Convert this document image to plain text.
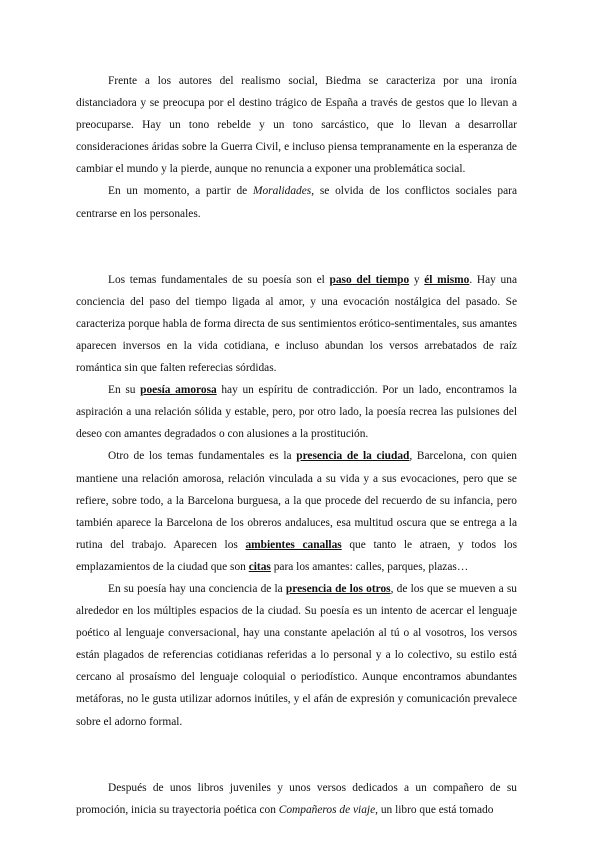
Frente a los autores del realismo social, Biedma se caracteriza por una ironía distanciadora y se preocupa por el destino trágico de España a través de gestos que lo llevan a preocuparse. Hay un tono rebelde y un tono sarcástico, que lo llevan a desarrollar consideraciones áridas sobre la Guerra Civil, e incluso piensa tempranamente en la esperanza de cambiar el mundo y la pierde, aunque no renuncia a exponer una problemática social.

En un momento, a partir de Moralidades, se olvida de los conflictos sociales para centrarse en los personales.

Los temas fundamentales de su poesía son el paso del tiempo y él mismo. Hay una conciencia del paso del tiempo ligada al amor, y una evocación nostálgica del pasado. Se caracteriza porque habla de forma directa de sus sentimientos erótico-sentimentales, sus amantes aparecen inversos en la vida cotidiana, e incluso abundan los versos arrebatados de raíz romántica sin que falten referecias sórdidas.

En su poesía amorosa hay un espíritu de contradicción. Por un lado, encontramos la aspiración a una relación sólida y estable, pero, por otro lado, la poesía recrea las pulsiones del deseo con amantes degradados o con alusiones a la prostitución.

Otro de los temas fundamentales es la presencia de la ciudad, Barcelona, con quien mantiene una relación amorosa, relación vinculada a su vida y a sus evocaciones, pero que se refiere, sobre todo, a la Barcelona burguesa, a la que procede del recuerdo de su infancia, pero también aparece la Barcelona de los obreros andaluces, esa multitud oscura que se entrega a la rutina del trabajo. Aparecen los ambientes canallas que tanto le atraen, y todos los emplazamientos de la ciudad que son citas para los amantes: calles, parques, plazas…

En su poesía hay una conciencia de la presencia de los otros, de los que se mueven a su alrededor en los múltiples espacios de la ciudad. Su poesía es un intento de acercar el lenguaje poético al lenguaje conversacional, hay una constante apelación al tú o al vosotros, los versos están plagados de referencias cotidianas referidas a lo personal y a lo colectivo, su estilo está cercano al prosaísmo del lenguaje coloquial o periodístico. Aunque encontramos abundantes metáforas, no le gusta utilizar adornos inútiles, y el afán de expresión y comunicación prevalece sobre el adorno formal.

Después de unos libros juveniles y unos versos dedicados a un compañero de su promoción, inicia su trayectoria poética con Compañeros de viaje, un libro que está tomado
